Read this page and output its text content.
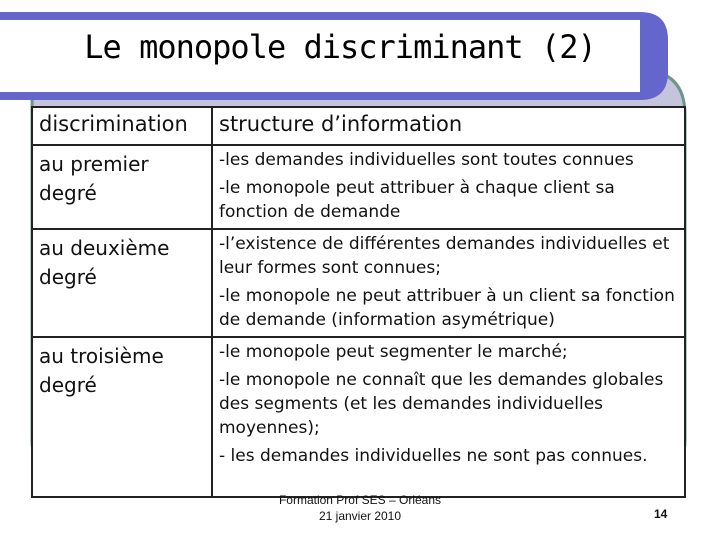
Le monopole discriminant (2)
discrimination	structure d’information
au premier degré	-les demandes individuelles sont toutes connues

-le monopole peut attribuer à chaque client sa fonction de demande

au deuxième degré	-l’existence de différentes demandes individuelles et leur formes sont connues;

-le monopole ne peut attribuer à un client sa fonction de demande (information asymétrique)

au troisième degré	-le monopole peut segmenter le marché;

-le monopole ne connaît que les demandes globales des segments (et les demandes individuelles moyennes);

- les demandes individuelles ne sont pas connues.

Formation Prof SES – Orléans
21 janvier 2010	14
